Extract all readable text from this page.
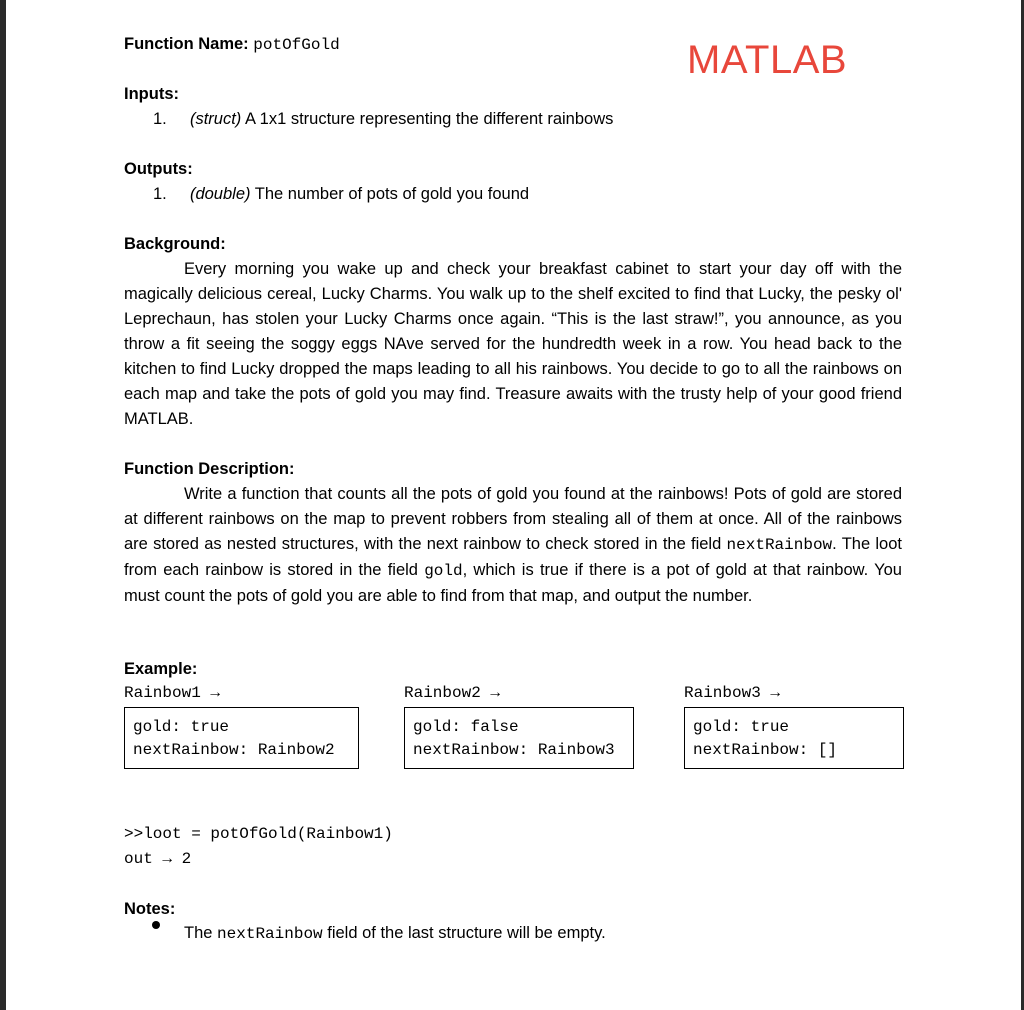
Function Name: potOfGold	MATLAB
Inputs:
1. (struct) A 1x1 structure representing the different rainbows
Outputs:
1. (double) The number of pots of gold you found
Background:

Every morning you wake up and check your breakfast cabinet to start your day off with the magically delicious cereal, Lucky Charms. You walk up to the shelf excited to find that Lucky, the pesky ol' Leprechaun, has stolen your Lucky Charms once again. “This is the last straw!”, you announce, as you throw a fit seeing the soggy eggs NAve served for the hundredth week in a row. You head back to the kitchen to find Lucky dropped the maps leading to all his rainbows. You decide to go to all the rainbows on each map and take the pots of gold you may find. Treasure awaits with the trusty help of your good friend MATLAB.

Function Description:

Write a function that counts all the pots of gold you found at the rainbows! Pots of gold are stored at different rainbows on the map to prevent robbers from stealing all of them at once. All of the rainbows are stored as nested structures, with the next rainbow to check stored in the field nextRainbow. The loot from each rainbow is stored in the field gold, which is true if there is a pot of gold at that rainbow. You must count the pots of gold you are able to find from that map, and output the number.

Example:
Rainbow1 →	Rainbow2 →	Rainbow3 →
gold: true
nextRainbow: Rainbow2
gold: false
nextRainbow: Rainbow3
gold: true
nextRainbow: []
>>loot = potOfGold(Rainbow1)
out → 2
Notes:
The nextRainbow field of the last structure will be empty.
